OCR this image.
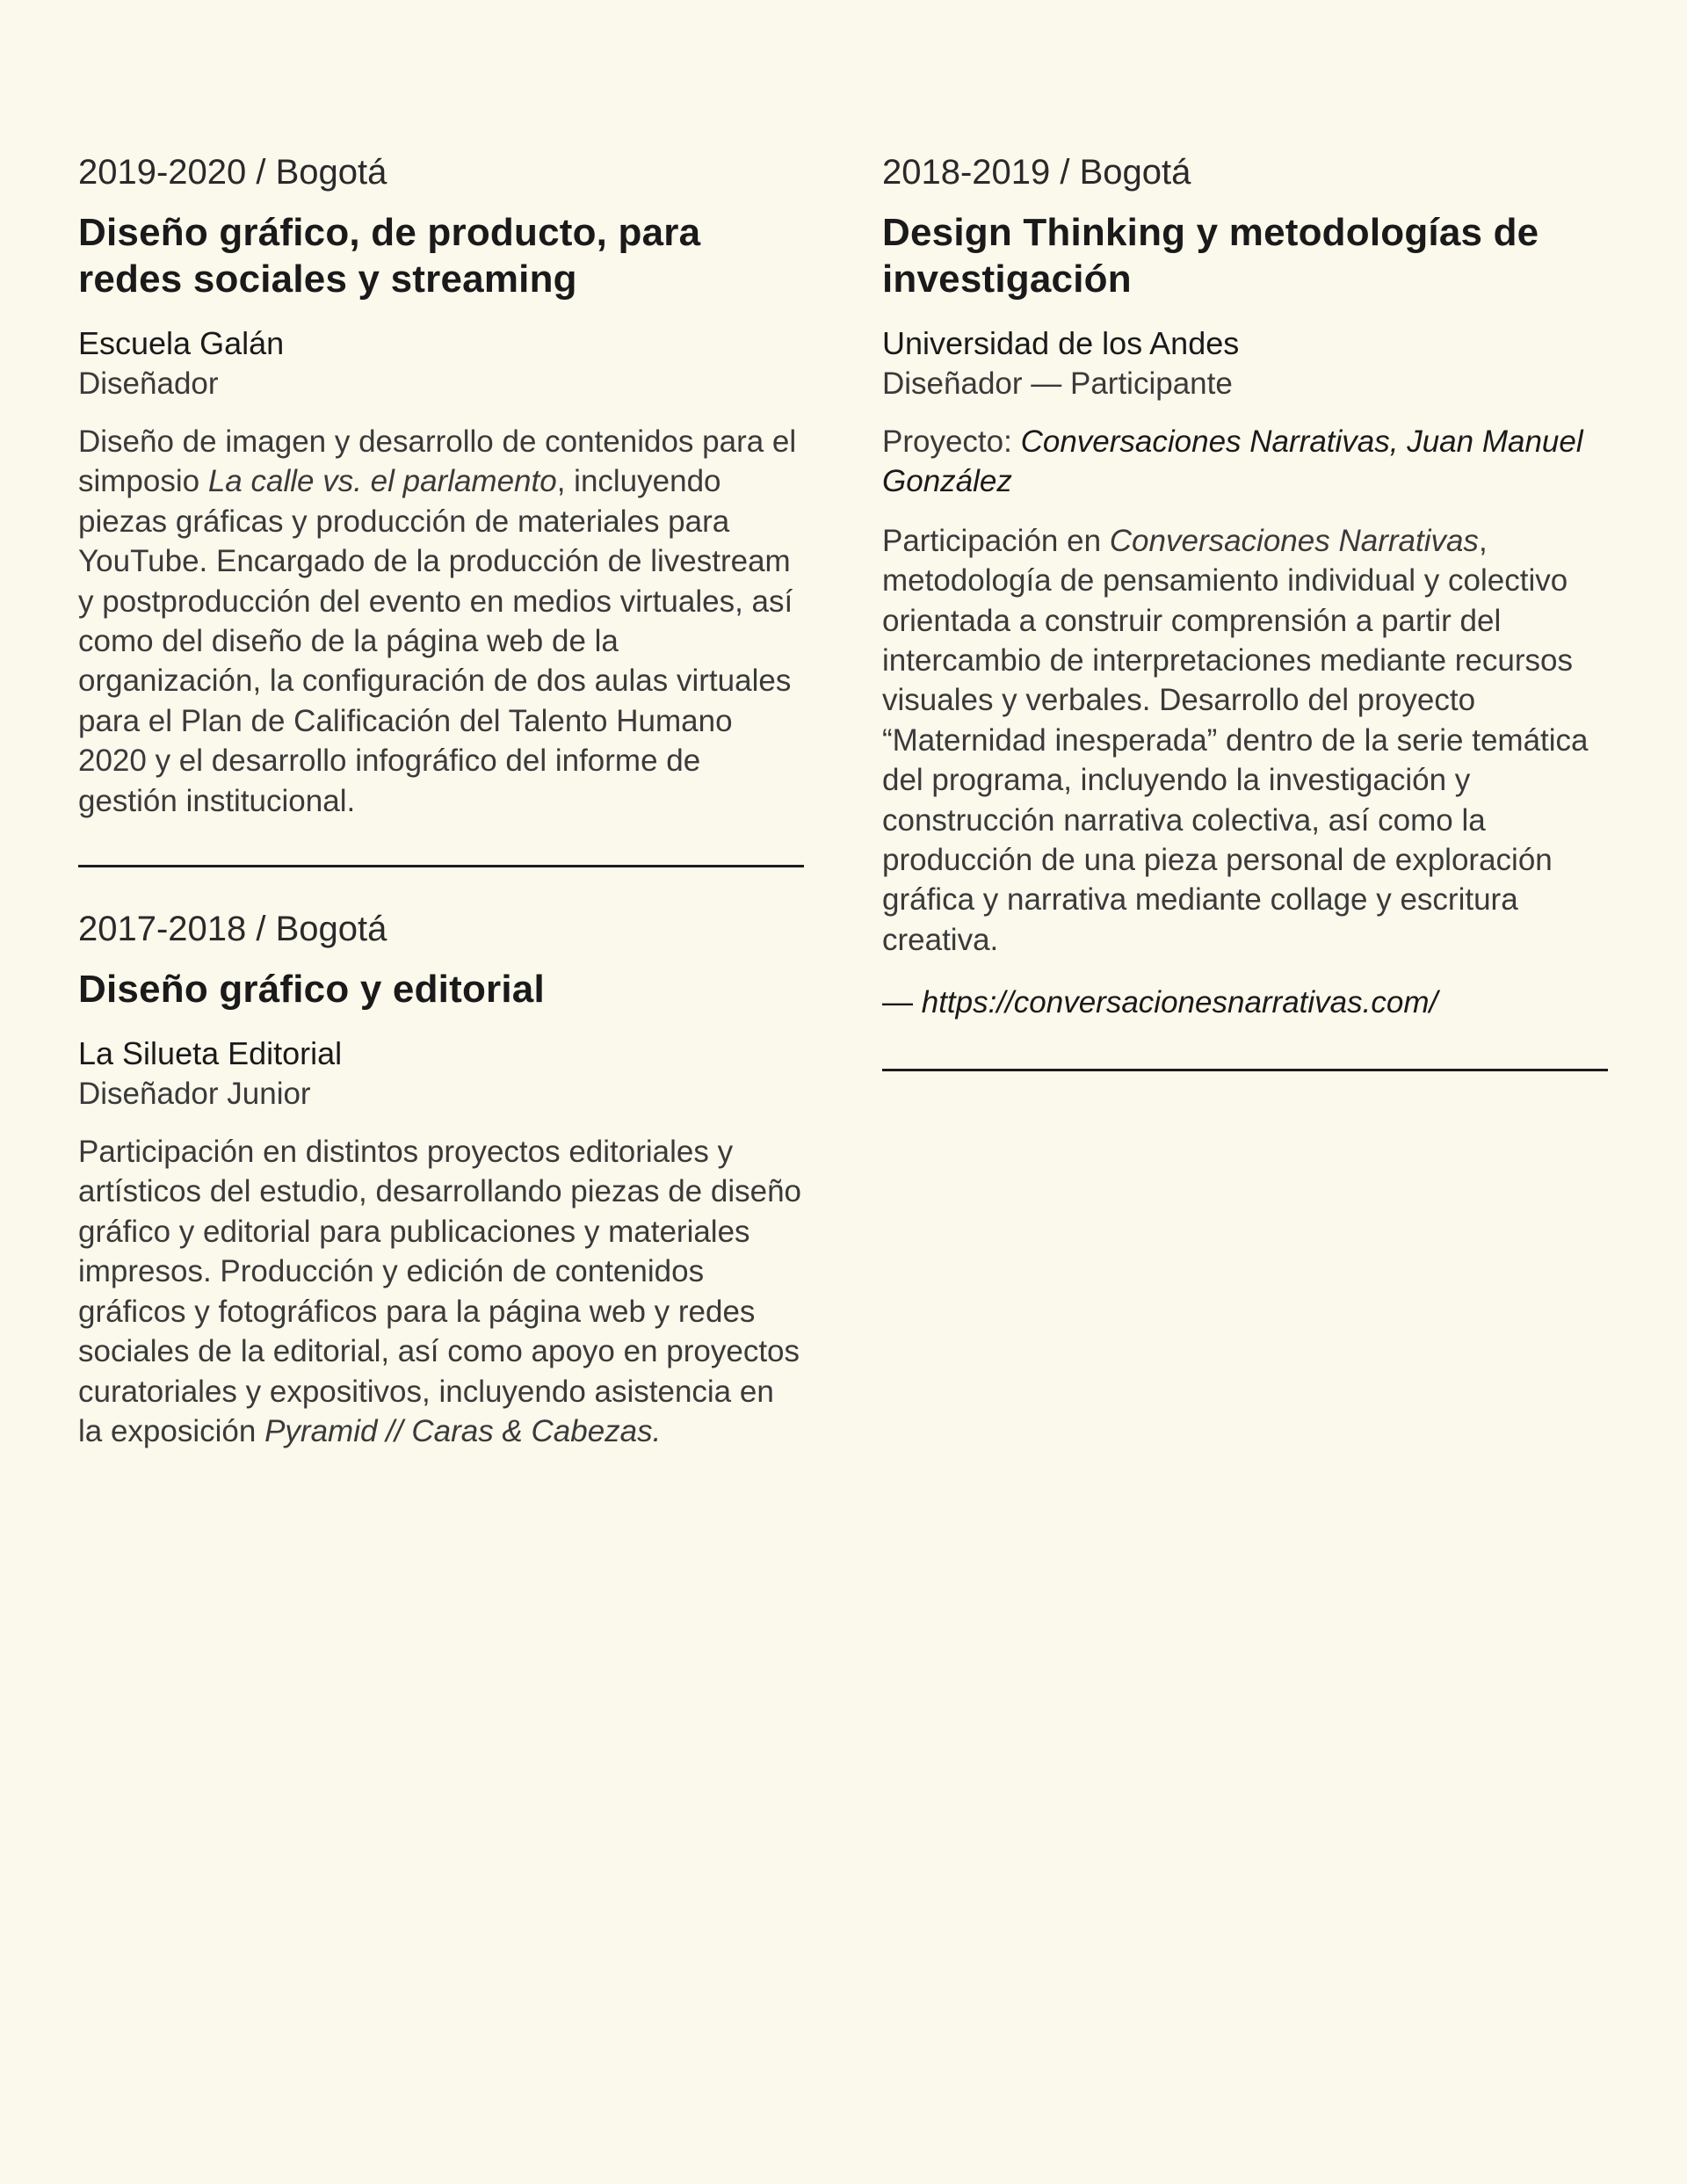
2019-2020 / Bogotá

Diseño gráfico, de producto, para redes sociales y streaming

Escuela Galán

Diseñador

Diseño de imagen y desarrollo de contenidos para el simposio La calle vs. el parlamento, incluyendo piezas gráficas y producción de materiales para YouTube. Encargado de la producción de livestream y postproducción del evento en medios virtuales, así como del diseño de la página web de la organización, la configuración de dos aulas virtuales para el Plan de Calificación del Talento Humano 2020 y el desarrollo infográfico del informe de gestión institucional.

2017-2018 / Bogotá

Diseño gráfico y editorial

La Silueta Editorial

Diseñador Junior

Participación en distintos proyectos editoriales y artísticos del estudio, desarrollando piezas de diseño gráfico y editorial para publicaciones y materiales impresos. Producción y edición de contenidos gráficos y fotográficos para la página web y redes sociales de la editorial, así como apoyo en proyectos curatoriales y expositivos, incluyendo asistencia en la exposición Pyramid // Caras & Cabezas.

2018-2019 / Bogotá

Design Thinking y metodologías de investigación

Universidad de los Andes

Diseñador — Participante

Proyecto: Conversaciones Narrativas, Juan Manuel González

Participación en Conversaciones Narrativas, metodología de pensamiento individual y colectivo orientada a construir comprensión a partir del intercambio de interpretaciones mediante recursos visuales y verbales. Desarrollo del proyecto “Maternidad inesperada” dentro de la serie temática del programa, incluyendo la investigación y construcción narrativa colectiva, así como la producción de una pieza personal de exploración gráfica y narrativa mediante collage y escritura creativa.

— https://conversacionesnarrativas.com/
